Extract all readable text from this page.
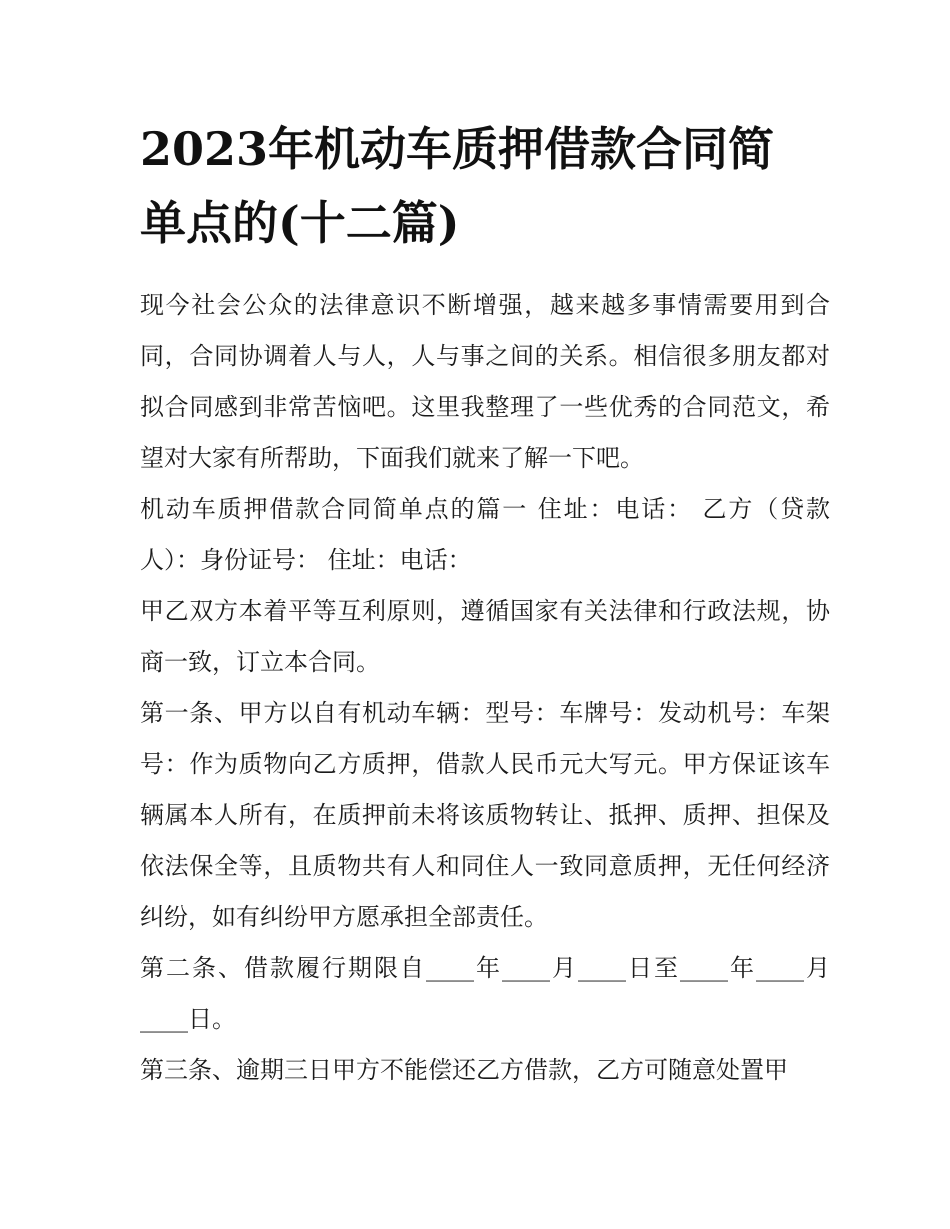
2023年机动车质押借款合同简
单点的(十二篇)

现今社会公众的法律意识不断增强，越来越多事情需要用到合同，合同协调着人与人，人与事之间的关系。相信很多朋友都对拟合同感到非常苦恼吧。这里我整理了一些优秀的合同范文，希望对大家有所帮助，下面我们就来了解一下吧。

机动车质押借款合同简单点的篇一 住址：电话： 乙方（贷款人）：身份证号： 住址：电话：

甲乙双方本着平等互利原则，遵循国家有关法律和行政法规，协商一致，订立本合同。

第一条、甲方以自有机动车辆：型号：车牌号：发动机号：车架号：作为质物向乙方质押，借款人民币元大写元。甲方保证该车辆属本人所有，在质押前未将该质物转让、抵押、质押、担保及依法保全等，且质物共有人和同住人一致同意质押，无任何经济纠纷，如有纠纷甲方愿承担全部责任。

第二条、借款履行期限自____年____月____日至____年____月____日。

第三条、逾期三日甲方不能偿还乙方借款，乙方可随意处置甲
